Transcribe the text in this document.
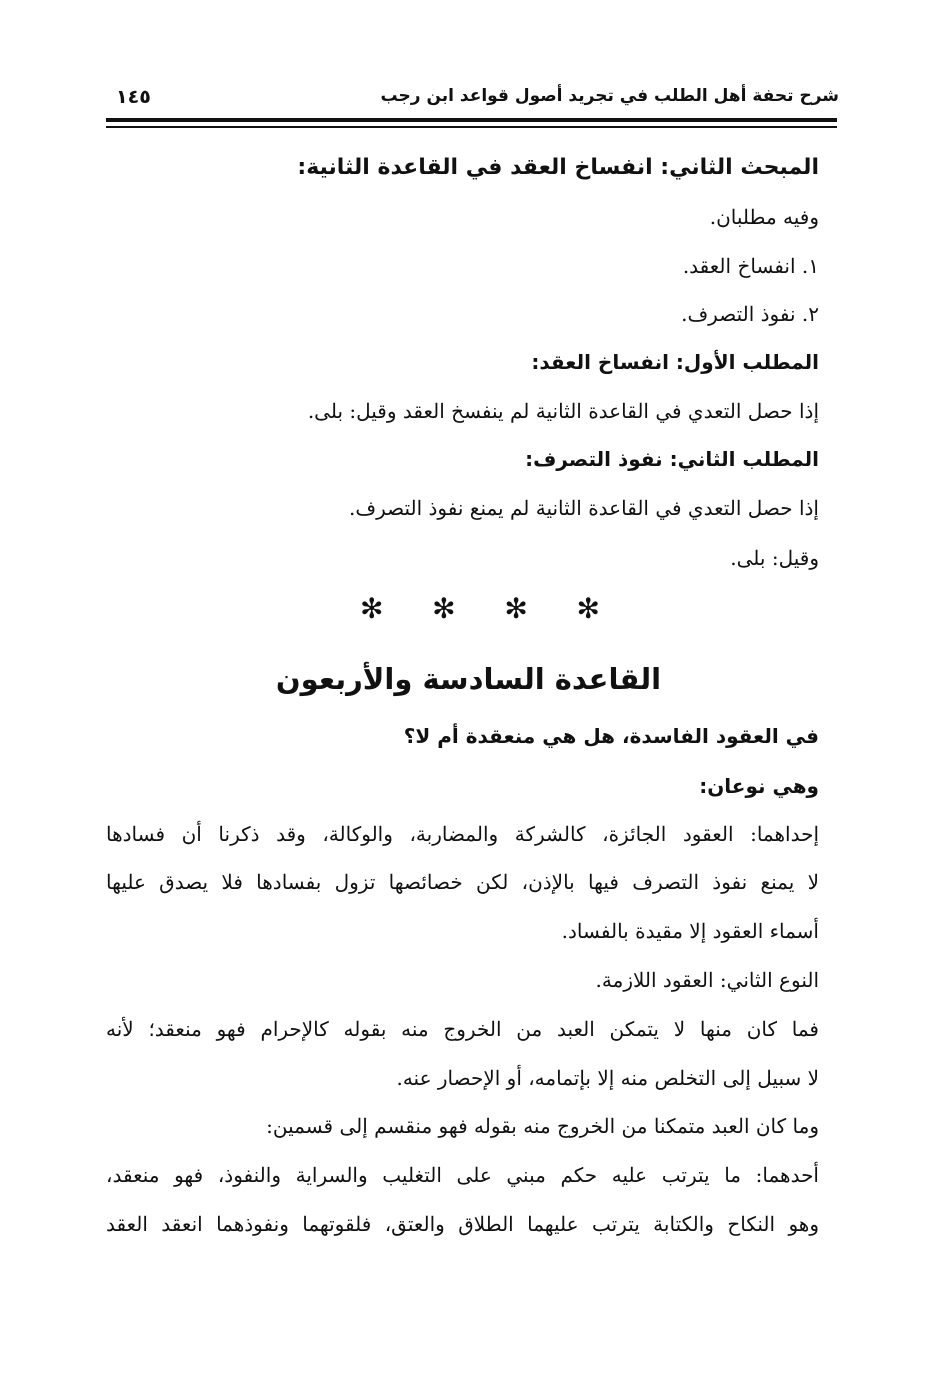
شرح تحفة أهل الطلب في تجريد أصول قواعد ابن رجب
١٤٥
المبحث الثاني: انفساخ العقد في القاعدة الثانية:
وفيه مطلبان.
١. انفساخ العقد.
٢. نفوذ التصرف.
المطلب الأول: انفساخ العقد:
إذا حصل التعدي في القاعدة الثانية لم ينفسخ العقد وقيل: بلى.
المطلب الثاني: نفوذ التصرف:
إذا حصل التعدي في القاعدة الثانية لم يمنع نفوذ التصرف.
وقيل: بلى.
✻ ✻ ✻ ✻
القاعدة السادسة والأربعون
في العقود الفاسدة، هل هي منعقدة أم لا؟
وهي نوعان:
إحداهما: العقود الجائزة، كالشركة والمضاربة، والوكالة، وقد ذكرنا أن فسادها
لا يمنع نفوذ التصرف فيها بالإذن، لكن خصائصها تزول بفسادها فلا يصدق عليها
أسماء العقود إلا مقيدة بالفساد.
النوع الثاني: العقود اللازمة.
فما كان منها لا يتمكن العبد من الخروج منه بقوله كالإحرام فهو منعقد؛ لأنه
لا سبيل إلى التخلص منه إلا بإتمامه، أو الإحصار عنه.
وما كان العبد متمكنا من الخروج منه بقوله فهو منقسم إلى قسمين:
أحدهما: ما يترتب عليه حكم مبني على التغليب والسراية والنفوذ، فهو منعقد،
وهو النكاح والكتابة يترتب عليهما الطلاق والعتق، فلقوتهما ونفوذهما انعقد العقد
